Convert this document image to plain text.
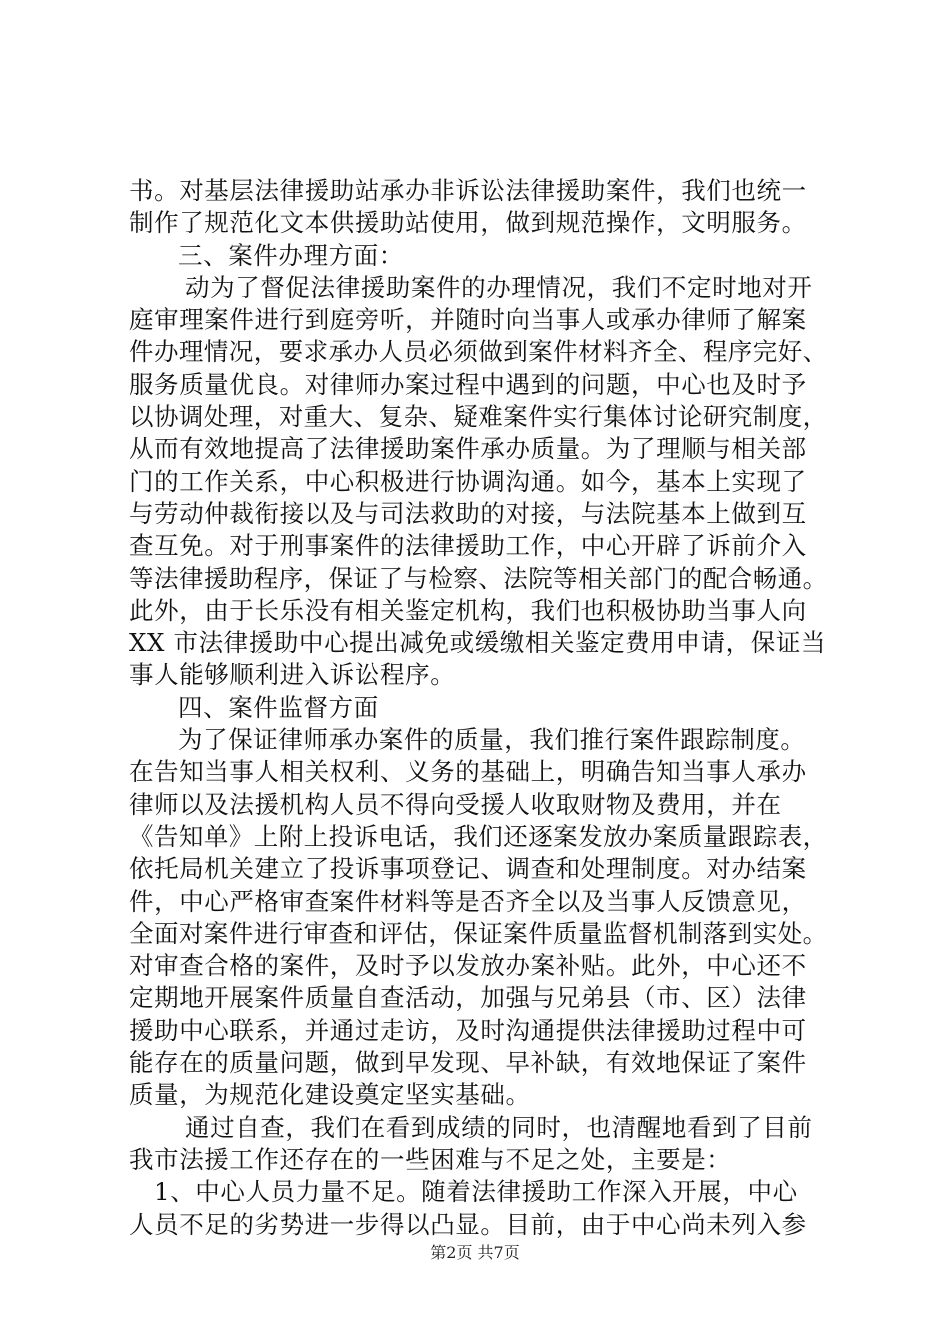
书。对基层法律援助站承办非诉讼法律援助案件，我们也统一
制作了规范化文本供援助站使用，做到规范操作，文明服务。
三、案件办理方面：
动为了督促法律援助案件的办理情况，我们不定时地对开
庭审理案件进行到庭旁听，并随时向当事人或承办律师了解案
件办理情况，要求承办人员必须做到案件材料齐全、程序完好、
服务质量优良。对律师办案过程中遇到的问题，中心也及时予
以协调处理，对重大、复杂、疑难案件实行集体讨论研究制度，
从而有效地提高了法律援助案件承办质量。为了理顺与相关部
门的工作关系，中心积极进行协调沟通。如今，基本上实现了
与劳动仲裁衔接以及与司法救助的对接，与法院基本上做到互
查互免。对于刑事案件的法律援助工作，中心开辟了诉前介入
等法律援助程序，保证了与检察、法院等相关部门的配合畅通。
此外，由于长乐没有相关鉴定机构，我们也积极协助当事人向
XX 市法律援助中心提出减免或缓缴相关鉴定费用申请，保证当
事人能够顺利进入诉讼程序。
四、案件监督方面
为了保证律师承办案件的质量，我们推行案件跟踪制度。
在告知当事人相关权利、义务的基础上，明确告知当事人承办
律师以及法援机构人员不得向受援人收取财物及费用，并在
《告知单》上附上投诉电话，我们还逐案发放办案质量跟踪表，
依托局机关建立了投诉事项登记、调查和处理制度。对办结案
件，中心严格审查案件材料等是否齐全以及当事人反馈意见，
全面对案件进行审查和评估，保证案件质量监督机制落到实处。
对审查合格的案件，及时予以发放办案补贴。此外，中心还不
定期地开展案件质量自查活动，加强与兄弟县（市、区）法律
援助中心联系，并通过走访，及时沟通提供法律援助过程中可
能存在的质量问题，做到早发现、早补缺，有效地保证了案件
质量，为规范化建设奠定坚实基础。
通过自查，我们在看到成绩的同时，也清醒地看到了目前
我市法援工作还存在的一些困难与不足之处，主要是：
1、中心人员力量不足。随着法律援助工作深入开展，中心
人员不足的劣势进一步得以凸显。目前，由于中心尚未列入参
第2页 共7页
